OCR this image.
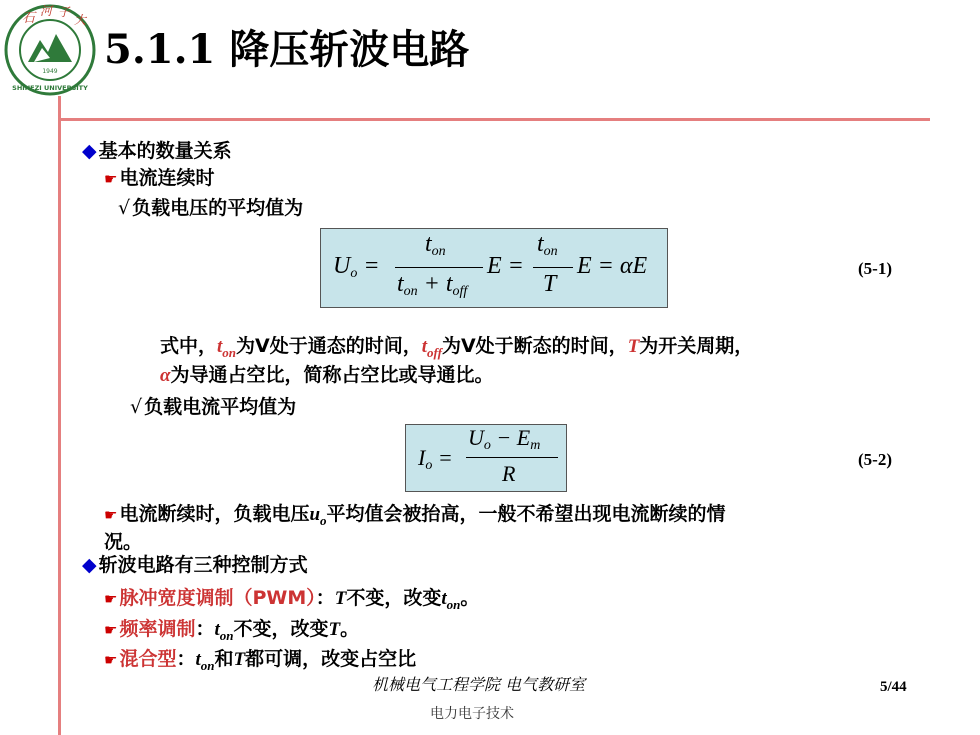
1949
SHIHEZI UNIVERSITY
石 河 子
大
5.1.1 降压斩波电路
◆ 基本的数量关系
☛ 电流连续时
√ 负载电压的平均值为
$U_o$ =
$t_{on}$
$t_{on} + t_{off}$
E =
$t_{on}$
T
E = αE	(5-1)
式中，$t_{on}$为V处于通态的时间，$t_{off}$为V处于断态的时间，T为开关周期，
α为导通占空比，简称占空比或导通比。
√ 负载电流平均值为
$I_o$ =
$U_o - E_m$
R
(5-2)
☛ 电流断续时，负载电压$u_o$平均值会被抬高，一般不希望出现电流断续的情
况。
◆ 斩波电路有三种控制方式
☛ 脉冲宽度调制（PWM）：T不变，改变$t_{on}$。
☛ 频率调制：$t_{on}$不变，改变T。
☛ 混合型：$t_{on}$和T都可调，改变占空比
机械电气工程学院 电气教研室
电力电子技术
5/44
